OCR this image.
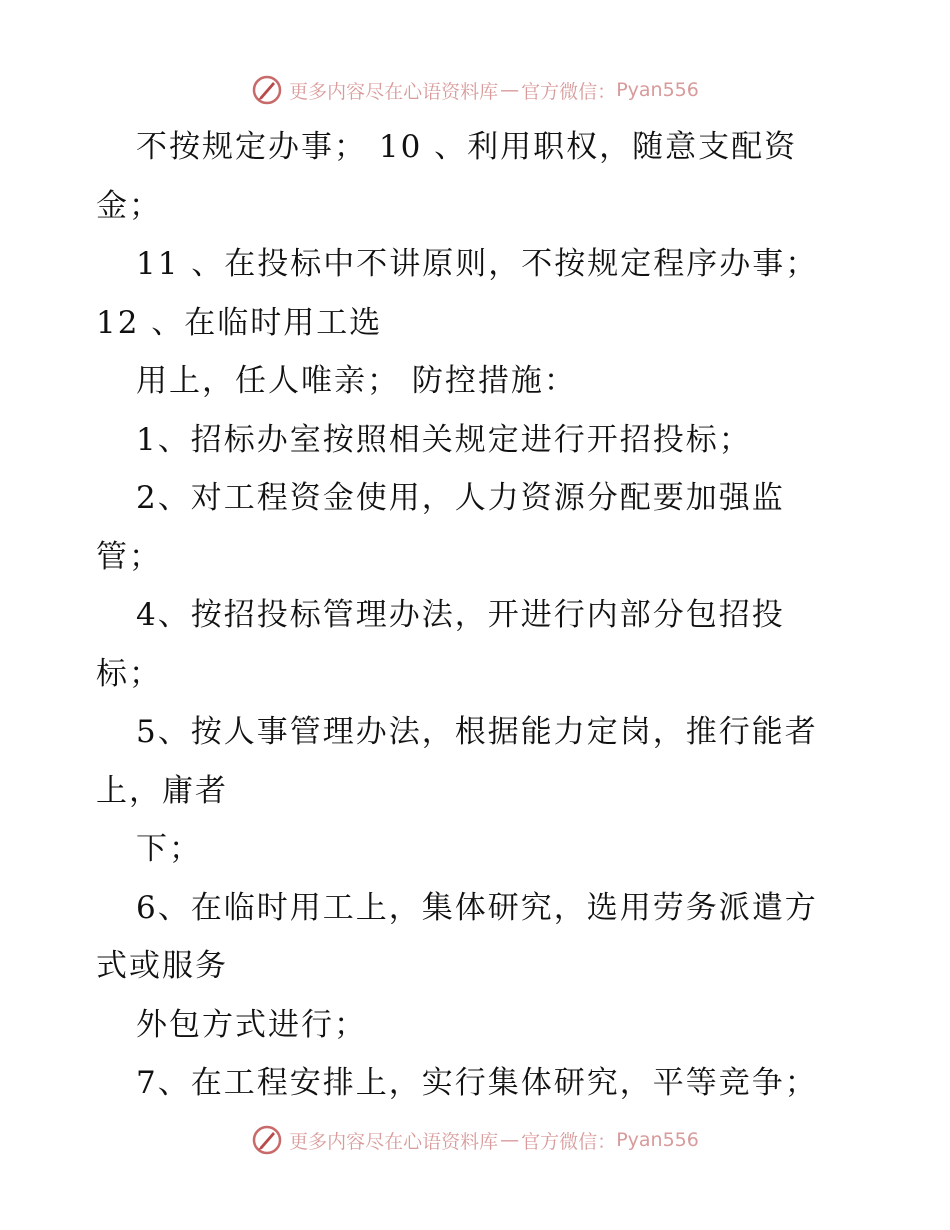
更多内容尽在心语资料库 — 官方微信： Pyan556
不按规定办事； 10 、利用职权，随意支配资
金；
11 、在投标中不讲原则，不按规定程序办事；
12 、在临时用工选
用上，任人唯亲； 防控措施：
1、招标办室按照相关规定进行开招投标；
2、对工程资金使用，人力资源分配要加强监
管；
4、按招投标管理办法，开进行内部分包招投
标；
5、按人事管理办法，根据能力定岗，推行能者
上，庸者
下；
6、在临时用工上，集体研究，选用劳务派遣方
式或服务
外包方式进行；
7、在工程安排上，实行集体研究，平等竞争；
更多内容尽在心语资料库 — 官方微信： Pyan556
